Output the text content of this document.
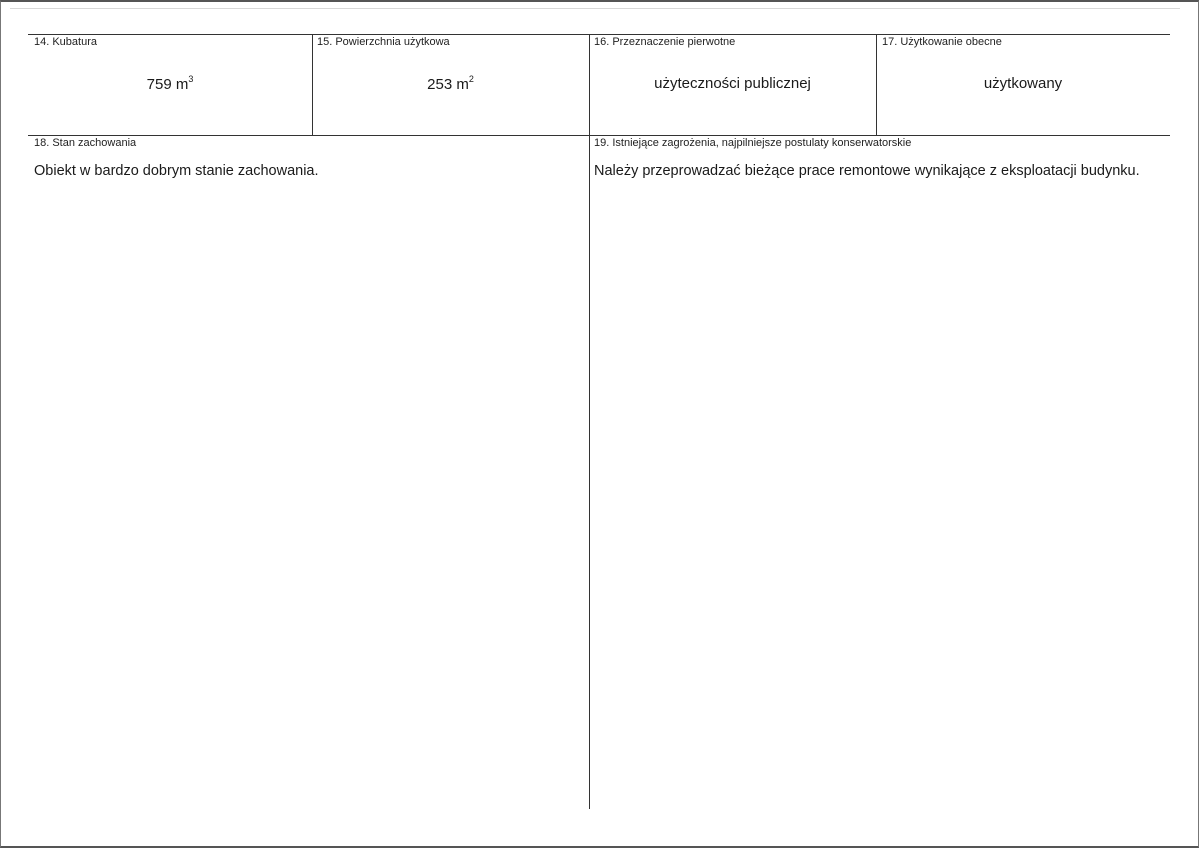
14. Kubatura
759 $m^3$
15. Powierzchnia użytkowa
253 $m^2$
16. Przeznaczenie pierwotne
użyteczności publicznej
17. Użytkowanie obecne
użytkowany
18. Stan zachowania
Obiekt w bardzo dobrym stanie zachowania.
19. Istniejące zagrożenia, najpilniejsze postulaty konserwatorskie
Należy przeprowadzać bieżące prace remontowe wynikające z eksploatacji budynku.
